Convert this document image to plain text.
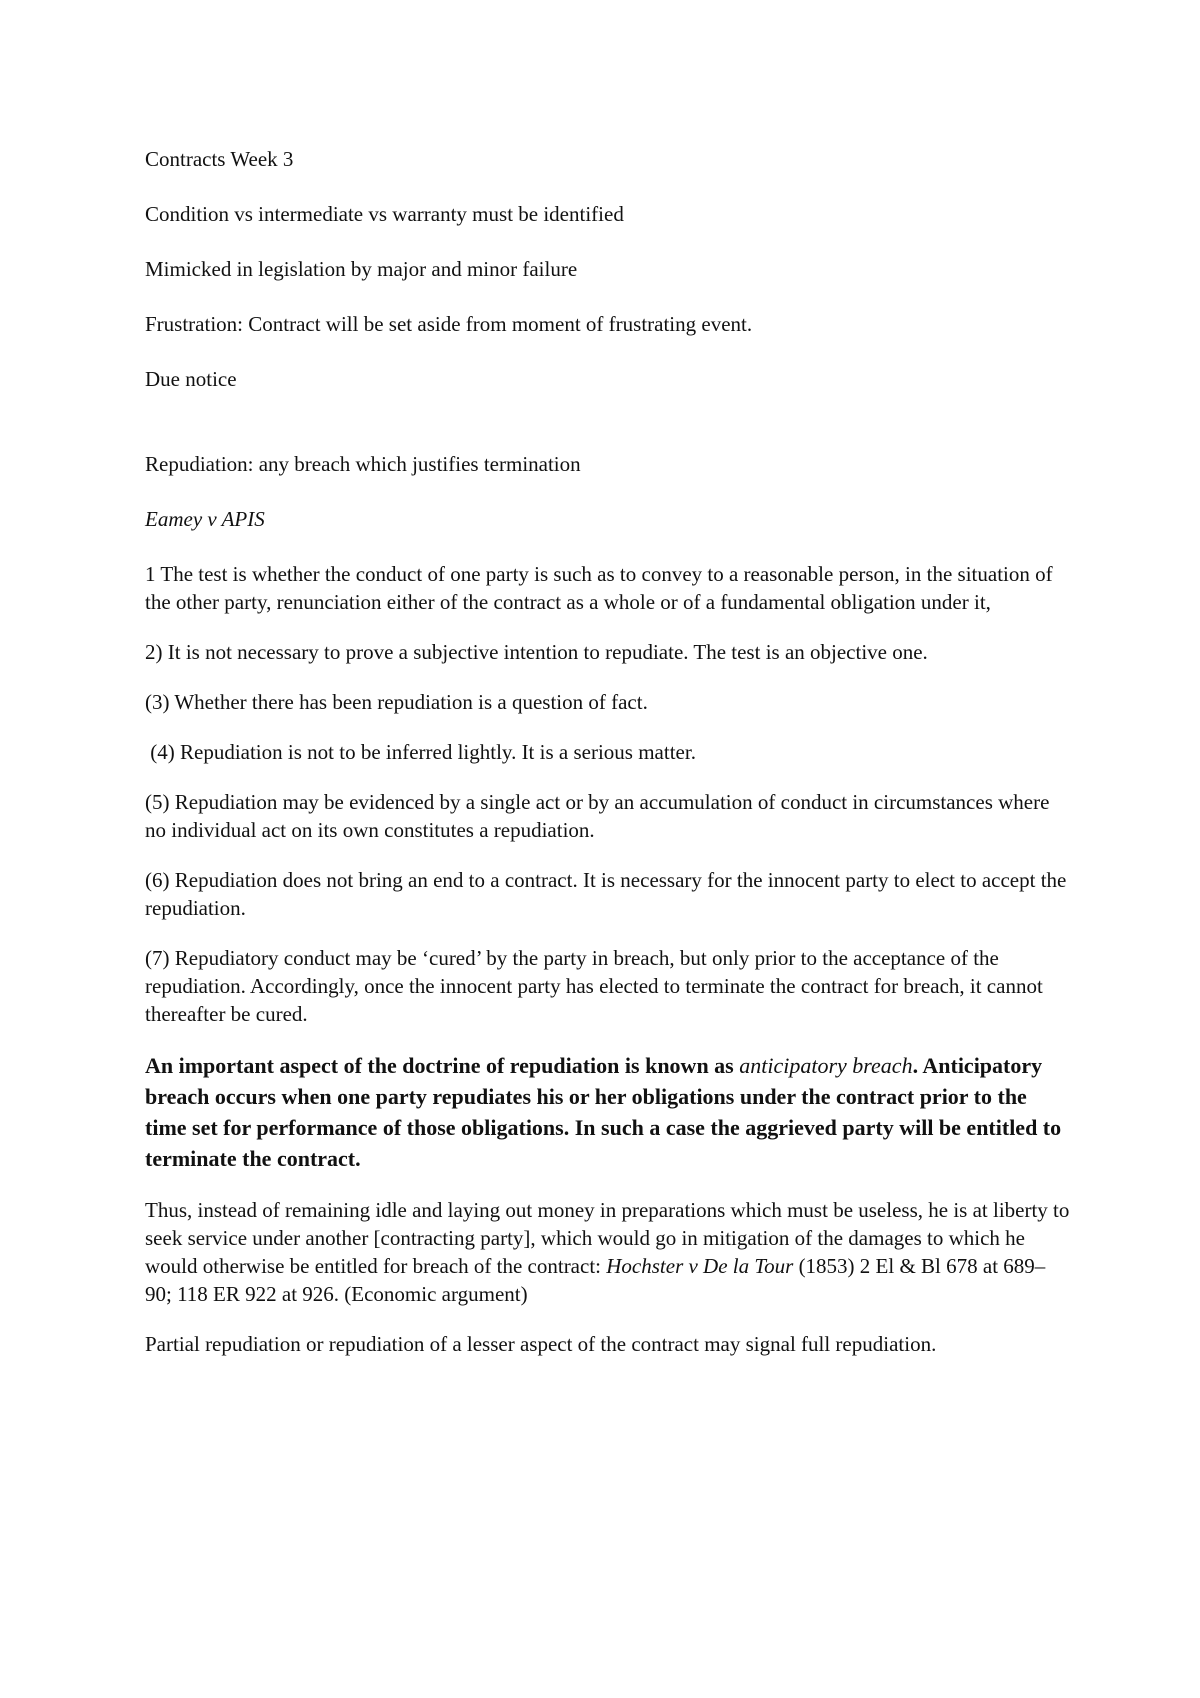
Contracts Week 3

Condition vs intermediate vs warranty must be identified

Mimicked in legislation by major and minor failure

Frustration: Contract will be set aside from moment of frustrating event.

Due notice

Repudiation: any breach which justifies termination

Eamey v APIS

1 The test is whether the conduct of one party is such as to convey to a reasonable person, in the situation of the other party, renunciation either of the contract as a whole or of a fundamental obligation under it,

2) It is not necessary to prove a subjective intention to repudiate. The test is an objective one.

(3) Whether there has been repudiation is a question of fact.

(4) Repudiation is not to be inferred lightly. It is a serious matter.

(5) Repudiation may be evidenced by a single act or by an accumulation of conduct in circumstances where no individual act on its own constitutes a repudiation.

(6) Repudiation does not bring an end to a contract. It is necessary for the innocent party to elect to accept the repudiation.

(7) Repudiatory conduct may be ‘cured’ by the party in breach, but only prior to the acceptance of the repudiation. Accordingly, once the innocent party has elected to terminate the contract for breach, it cannot thereafter be cured.

An important aspect of the doctrine of repudiation is known as anticipatory breach. Anticipatory breach occurs when one party repudiates his or her obligations under the contract prior to the time set for performance of those obligations. In such a case the aggrieved party will be entitled to terminate the contract.

Thus, instead of remaining idle and laying out money in preparations which must be useless, he is at liberty to seek service under another [contracting party], which would go in mitigation of the damages to which he would otherwise be entitled for breach of the contract: Hochster v De la Tour (1853) 2 El & Bl 678 at 689–90; 118 ER 922 at 926. (Economic argument)

Partial repudiation or repudiation of a lesser aspect of the contract may signal full repudiation.
